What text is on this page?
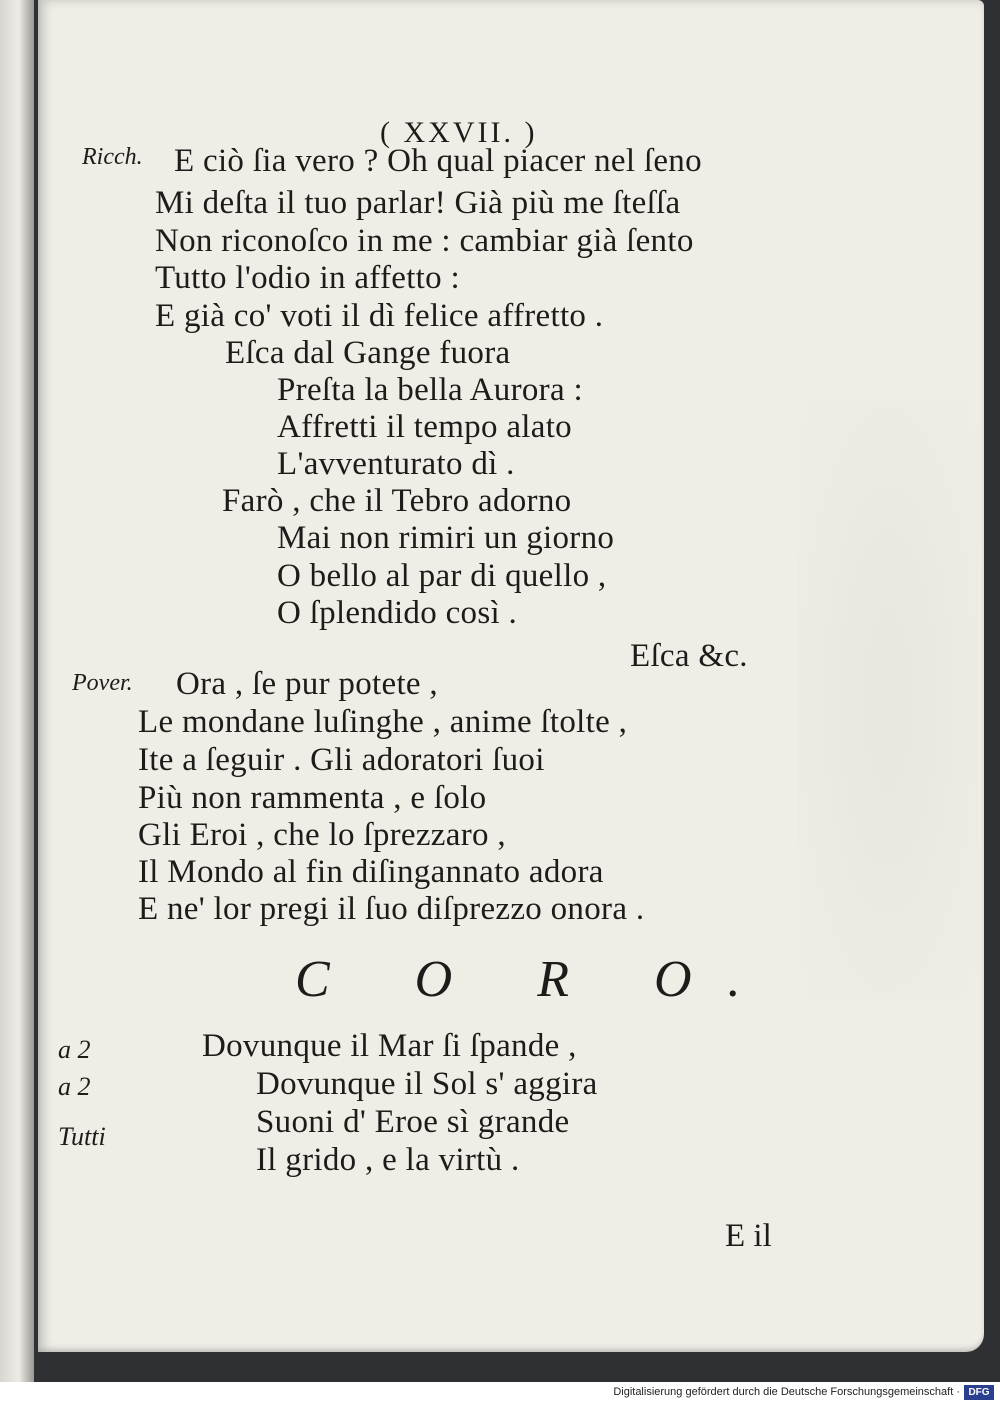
( XXVII. )
Ricch. E ciò ſia vero ? Oh qual piacer nel ſeno
Mi deſta il tuo parlar! Già più me ſteſſa
Non riconoſco in me : cambiar già ſento
Tutto l'odio in affetto :
E già co' voti il dì felice affretto .
Eſca dal Gange fuora
Preſta la bella Aurora :
Affretti il tempo alato
L'avventurato dì .
Farò , che il Tebro adorno
Mai non rimiri un giorno
O bello al par di quello ,
O ſplendido così .
Eſca &c.
Pover. Ora , ſe pur potete ,
Le mondane luſinghe , anime ſtolte ,
Ite a ſeguir . Gli adoratori ſuoi
Più non rammenta , e ſolo
Gli Eroi , che lo ſprezzaro ,
Il Mondo al fin diſingannato adora
E ne' lor pregi il ſuo diſprezzo onora .
C O R O.
a 2	Dovunque il Mar ſi ſpande ,
a 2	Dovunque il Sol s' aggira
Tutti	Suoni d' Eroe sì grande
Il grido , e la virtù .
E il
Digitalisierung gefördert durch die Deutsche Forschungsgemeinschaft · DFG
